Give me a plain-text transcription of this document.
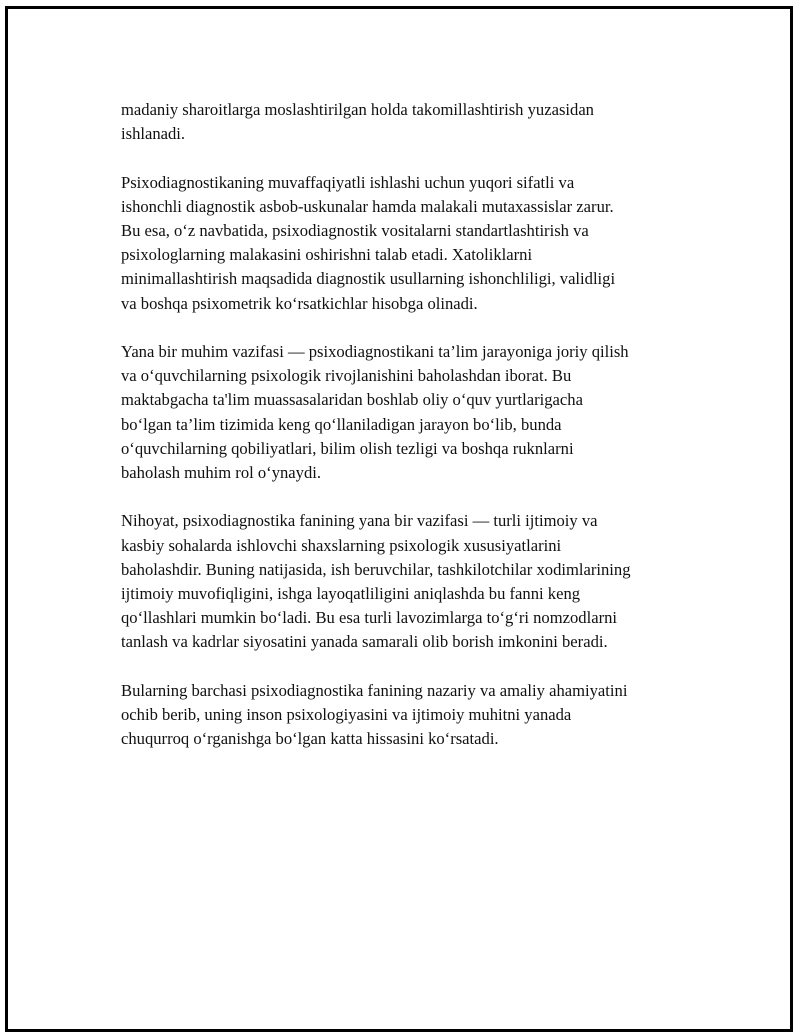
madaniy sharoitlarga moslashtirilgan holda takomillashtirish yuzasidan
ishlanadi.

Psixodiagnostikaning muvaffaqiyatli ishlashi uchun yuqori sifatli va
ishonchli diagnostik asbob-uskunalar hamda malakali mutaxassislar zarur.
Bu esa, o‘z navbatida, psixodiagnostik vositalarni standartlashtirish va
psixologlarning malakasini oshirishni talab etadi. Xatoliklarni
minimallashtirish maqsadida diagnostik usullarning ishonchliligi, validligi
va boshqa psixometrik ko‘rsatkichlar hisobga olinadi.

Yana bir muhim vazifasi — psixodiagnostikani ta’lim jarayoniga joriy qilish
va o‘quvchilarning psixologik rivojlanishini baholashdan iborat. Bu
maktabgacha ta'lim muassasalaridan boshlab oliy o‘quv yurtlarigacha
bo‘lgan ta’lim tizimida keng qo‘llaniladigan jarayon bo‘lib, bunda
o‘quvchilarning qobiliyatlari, bilim olish tezligi va boshqa ruknlarni
baholash muhim rol o‘ynaydi.

Nihoyat, psixodiagnostika fanining yana bir vazifasi — turli ijtimoiy va
kasbiy sohalarda ishlovchi shaxslarning psixologik xususiyatlarini
baholashdir. Buning natijasida, ish beruvchilar, tashkilotchilar xodimlarining
ijtimoiy muvofiqligini, ishga layoqatliligini aniqlashda bu fanni keng
qo‘llashlari mumkin bo‘ladi. Bu esa turli lavozimlarga to‘g‘ri nomzodlarni
tanlash va kadrlar siyosatini yanada samarali olib borish imkonini beradi.

Bularning barchasi psixodiagnostika fanining nazariy va amaliy ahamiyatini
ochib berib, uning inson psixologiyasini va ijtimoiy muhitni yanada
chuqurroq o‘rganishga bo‘lgan katta hissasini ko‘rsatadi.
